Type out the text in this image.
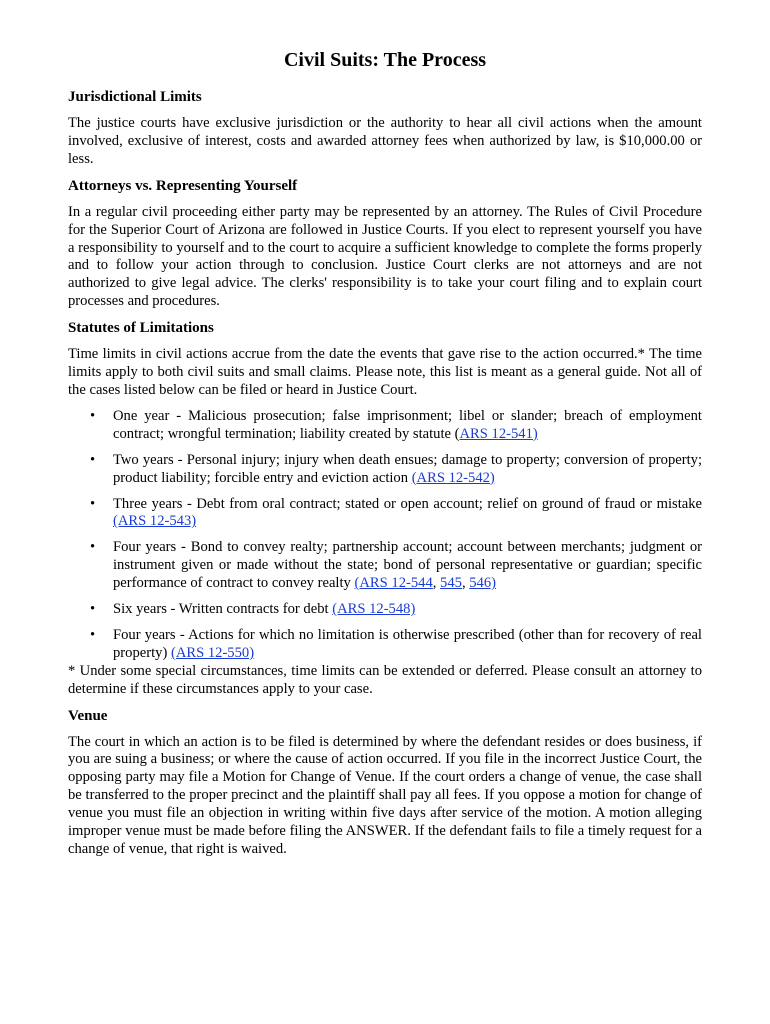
Civil Suits: The Process
Jurisdictional Limits

The justice courts have exclusive jurisdiction or the authority to hear all civil actions when the amount involved, exclusive of interest, costs and awarded attorney fees when authorized by law, is $10,000.00 or less.

Attorneys vs. Representing Yourself

In a regular civil proceeding either party may be represented by an attorney. The Rules of Civil Procedure for the Superior Court of Arizona are followed in Justice Courts. If you elect to represent yourself you have a responsibility to yourself and to the court to acquire a sufficient knowledge to complete the forms properly and to follow your action through to conclusion. Justice Court clerks are not attorneys and are not authorized to give legal advice. The clerks' responsibility is to take your court filing and to explain court processes and procedures.

Statutes of Limitations

Time limits in civil actions accrue from the date the events that gave rise to the action occurred.* The time limits apply to both civil suits and small claims. Please note, this list is meant as a general guide. Not all of the cases listed below can be filed or heard in Justice Court.

• One year - Malicious prosecution; false imprisonment; libel or slander; breach of employment contract; wrongful termination; liability created by statute (ARS 12-541)
• Two years - Personal injury; injury when death ensues; damage to property; conversion of property; product liability; forcible entry and eviction action (ARS 12-542)
• Three years - Debt from oral contract; stated or open account; relief on ground of fraud or mistake (ARS 12-543)
• Four years - Bond to convey realty; partnership account; account between merchants; judgment or instrument given or made without the state; bond of personal representative or guardian; specific performance of contract to convey realty (ARS 12-544, 545, 546)
• Six years - Written contracts for debt (ARS 12-548)
• Four years - Actions for which no limitation is otherwise prescribed (other than for recovery of real property) (ARS 12-550)

* Under some special circumstances, time limits can be extended or deferred. Please consult an attorney to determine if these circumstances apply to your case.

Venue

The court in which an action is to be filed is determined by where the defendant resides or does business, if you are suing a business; or where the cause of action occurred. If you file in the incorrect Justice Court, the opposing party may file a Motion for Change of Venue. If the court orders a change of venue, the case shall be transferred to the proper precinct and the plaintiff shall pay all fees. If you oppose a motion for change of venue you must file an objection in writing within five days after service of the motion. A motion alleging improper venue must be made before filing the ANSWER. If the defendant fails to file a timely request for a change of venue, that right is waived.
